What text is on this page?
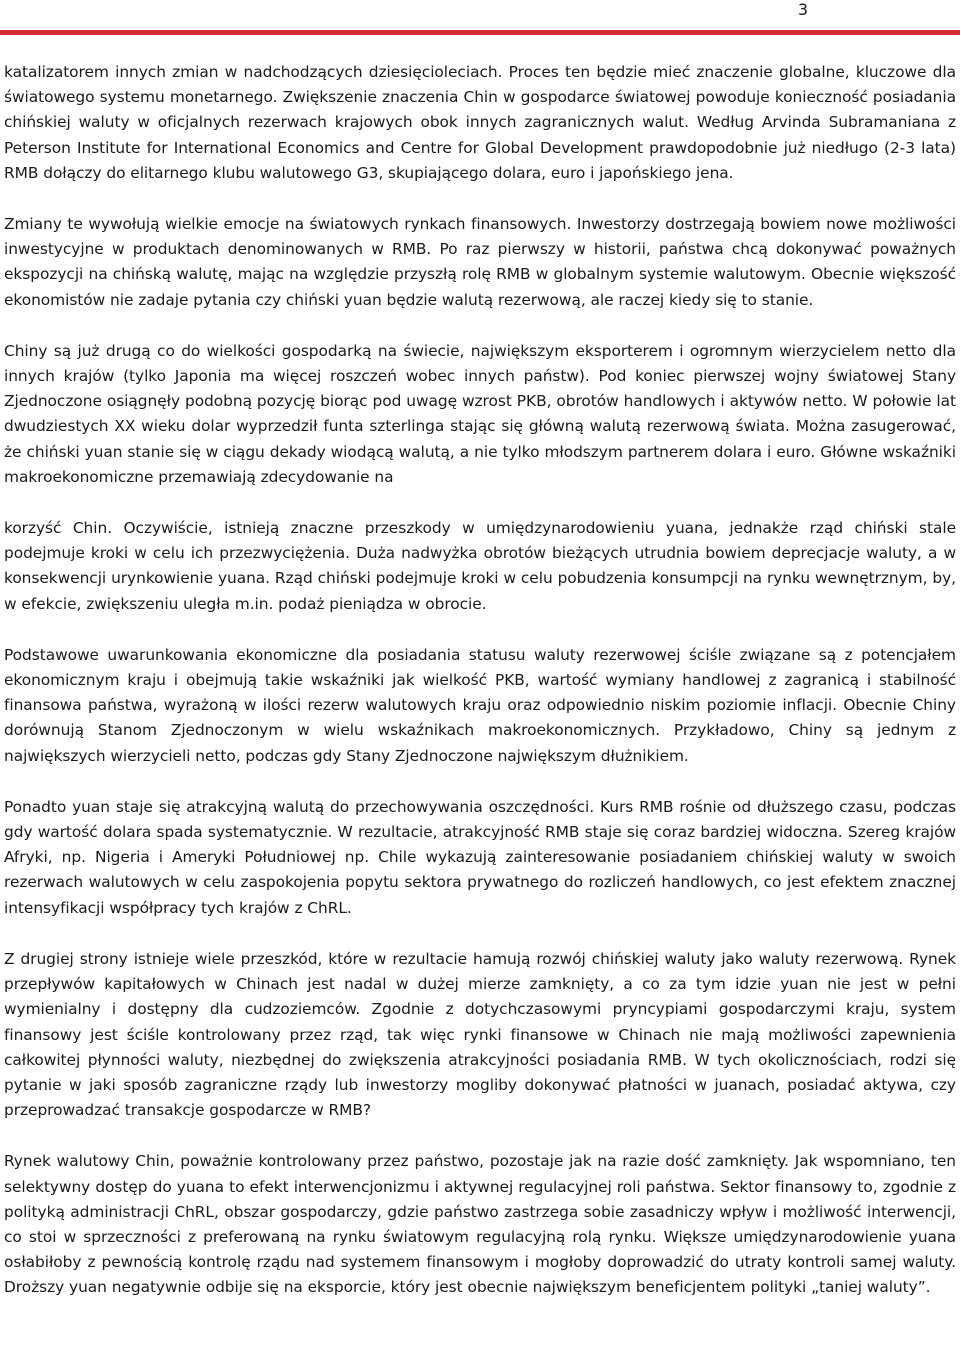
3

katalizatorem innych zmian w nadchodzących dziesięcioleciach. Proces ten będzie mieć znaczenie globalne, kluczowe dla światowego systemu monetarnego. Zwiększenie znaczenia Chin w gospodarce światowej powoduje konieczność posiadania chińskiej waluty w oficjalnych rezerwach krajowych obok innych zagranicznych walut. Według Arvinda Subramaniana z Peterson Institute for International Economics and Centre for Global Development prawdopodobnie już niedługo (2-3 lata) RMB dołączy do elitarnego klubu walutowego G3, skupiającego dolara, euro i japońskiego jena.

Zmiany te wywołują wielkie emocje na światowych rynkach finansowych. Inwestorzy dostrzegają bowiem nowe możliwości inwestycyjne w produktach denominowanych w RMB. Po raz pierwszy w historii, państwa chcą dokonywać poważnych ekspozycji na chińską walutę, mając na względzie przyszłą rolę RMB w globalnym systemie walutowym. Obecnie większość ekonomistów nie zadaje pytania czy chiński yuan będzie walutą rezerwową, ale raczej kiedy się to stanie.

Chiny są już drugą co do wielkości gospodarką na świecie, największym eksporterem i ogromnym wierzycielem netto dla innych krajów (tylko Japonia ma więcej roszczeń wobec innych państw). Pod koniec pierwszej wojny światowej Stany Zjednoczone osiągnęły podobną pozycję biorąc pod uwagę wzrost PKB, obrotów handlowych i aktywów netto. W połowie lat dwudziestych XX wieku dolar wyprzedził funta szterlinga stając się główną walutą rezerwową świata. Można zasugerować, że chiński yuan stanie się w ciągu dekady wiodącą walutą, a nie tylko młodszym partnerem dolara i euro. Główne wskaźniki makroekonomiczne przemawiają zdecydowanie na

korzyść Chin. Oczywiście, istnieją znaczne przeszkody w umiędzynarodowieniu yuana, jednakże rząd chiński stale podejmuje kroki w celu ich przezwyciężenia. Duża nadwyżka obrotów bieżących utrudnia bowiem deprecjacje waluty, a w konsekwencji urynkowienie yuana. Rząd chiński podejmuje kroki w celu pobudzenia konsumpcji na rynku wewnętrznym, by, w efekcie, zwiększeniu uległa m.in. podaż pieniądza w obrocie.

Podstawowe uwarunkowania ekonomiczne dla posiadania statusu waluty rezerwowej ściśle związane są z potencjałem ekonomicznym kraju i obejmują takie wskaźniki jak wielkość PKB, wartość wymiany handlowej z zagranicą i stabilność finansowa państwa, wyrażoną w ilości rezerw walutowych kraju oraz odpowiednio niskim poziomie inflacji. Obecnie Chiny dorównują Stanom Zjednoczonym w wielu wskaźnikach makroekonomicznych. Przykładowo, Chiny są jednym z największych wierzycieli netto, podczas gdy Stany Zjednoczone największym dłużnikiem.

Ponadto yuan staje się atrakcyjną walutą do przechowywania oszczędności. Kurs RMB rośnie od dłuższego czasu, podczas gdy wartość dolara spada systematycznie. W rezultacie, atrakcyjność RMB staje się coraz bardziej widoczna. Szereg krajów Afryki, np. Nigeria i Ameryki Południowej np. Chile wykazują zainteresowanie posiadaniem chińskiej waluty w swoich rezerwach walutowych w celu zaspokojenia popytu sektora prywatnego do rozliczeń handlowych, co jest efektem znacznej intensyfikacji współpracy tych krajów z ChRL.

Z drugiej strony istnieje wiele przeszkód, które w rezultacie hamują rozwój chińskiej waluty jako waluty rezerwową. Rynek przepływów kapitałowych w Chinach jest nadal w dużej mierze zamknięty, a co za tym idzie yuan nie jest w pełni wymienialny i dostępny dla cudzoziemców. Zgodnie z dotychczasowymi pryncypiami gospodarczymi kraju, system finansowy jest ściśle kontrolowany przez rząd, tak więc rynki finansowe w Chinach nie mają możliwości zapewnienia całkowitej płynności waluty, niezbędnej do zwiększenia atrakcyjności posiadania RMB. W tych okolicznościach, rodzi się pytanie w jaki sposób zagraniczne rządy lub inwestorzy mogliby dokonywać płatności w juanach, posiadać aktywa, czy przeprowadzać transakcje gospodarcze w RMB?

Rynek walutowy Chin, poważnie kontrolowany przez państwo, pozostaje jak na razie dość zamknięty. Jak wspomniano, ten selektywny dostęp do yuana to efekt interwencjonizmu i aktywnej regulacyjnej roli państwa. Sektor finansowy to, zgodnie z polityką administracji ChRL, obszar gospodarczy, gdzie państwo zastrzega sobie zasadniczy wpływ i możliwość interwencji, co stoi w sprzeczności z preferowaną na rynku światowym regulacyjną rolą rynku. Większe umiędzynarodowienie yuana osłabiłoby z pewnością kontrolę rządu nad systemem finansowym i mogłoby doprowadzić do utraty kontroli samej waluty. Droższy yuan negatywnie odbije się na eksporcie, który jest obecnie największym beneficjentem polityki „taniej waluty”.
